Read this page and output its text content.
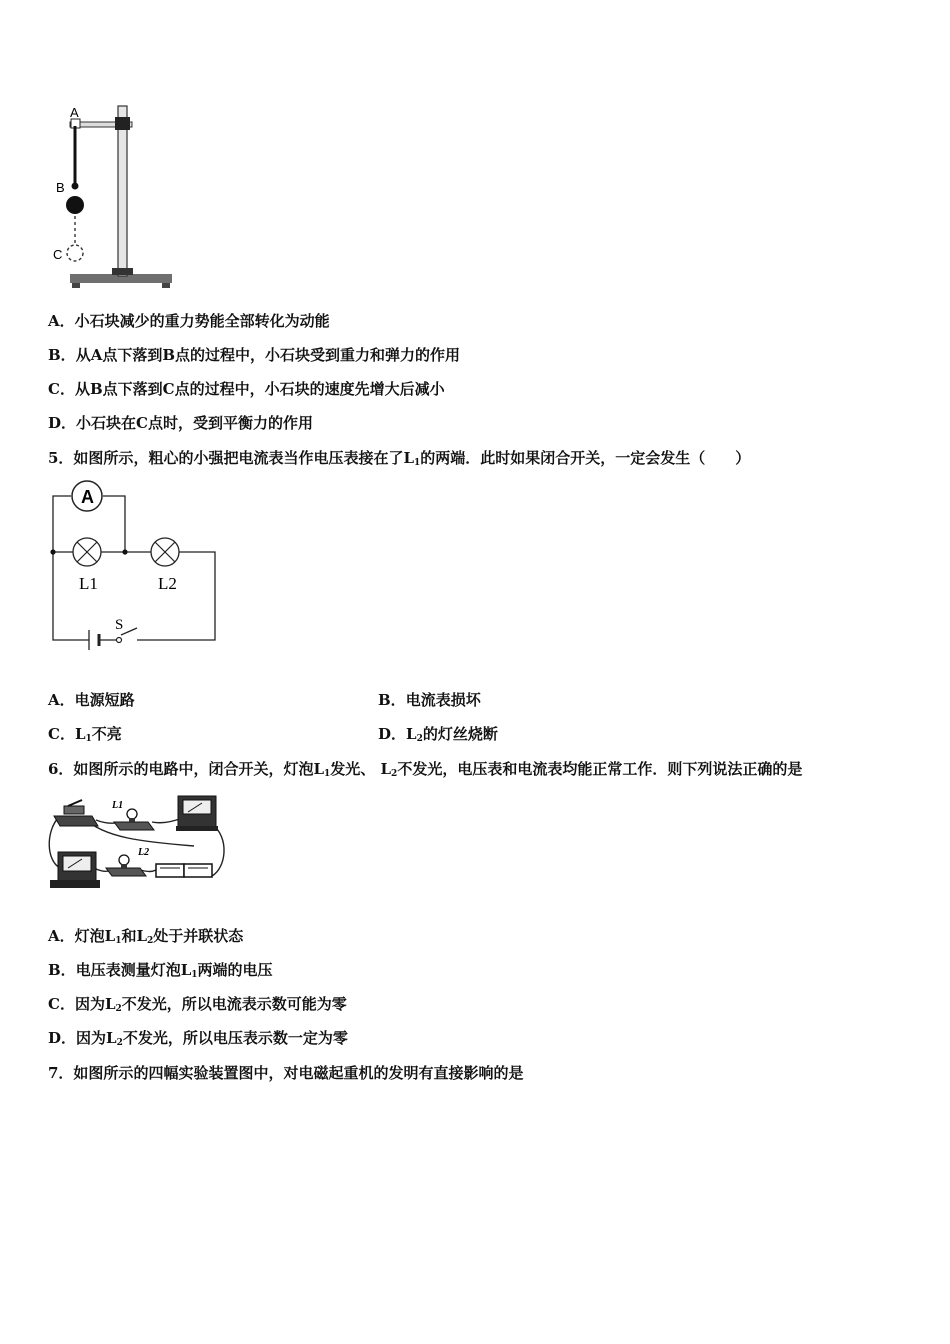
A
B
C
A．小石块减少的重力势能全部转化为动能
B．从A点下落到B点的过程中，小石块受到重力和弹力的作用
C．从B点下落到C点的过程中，小石块的速度先增大后减小
D．小石块在C点时，受到平衡力的作用
5．如图所示，粗心的小强把电流表当作电压表接在了$L_1$的两端．此时如果闭合开关，一定会发生（　　）
A
L1	L2
S
A．电源短路	B．电流表损坏
C．$L_1$不亮	D．$L_2$的灯丝烧断
6．如图所示的电路中，闭合开关，灯泡$L_1$发光、 $L_2$不发光，电压表和电流表均能正常工作．则下列说法正确的是
L1
L2
A．灯泡$L_1$和$L_2$处于并联状态
B．电压表测量灯泡$L_1$两端的电压
C．因为$L_2$不发光，所以电流表示数可能为零
D．因为$L_2$不发光，所以电压表示数一定为零
7．如图所示的四幅实验装置图中，对电磁起重机的发明有直接影响的是
